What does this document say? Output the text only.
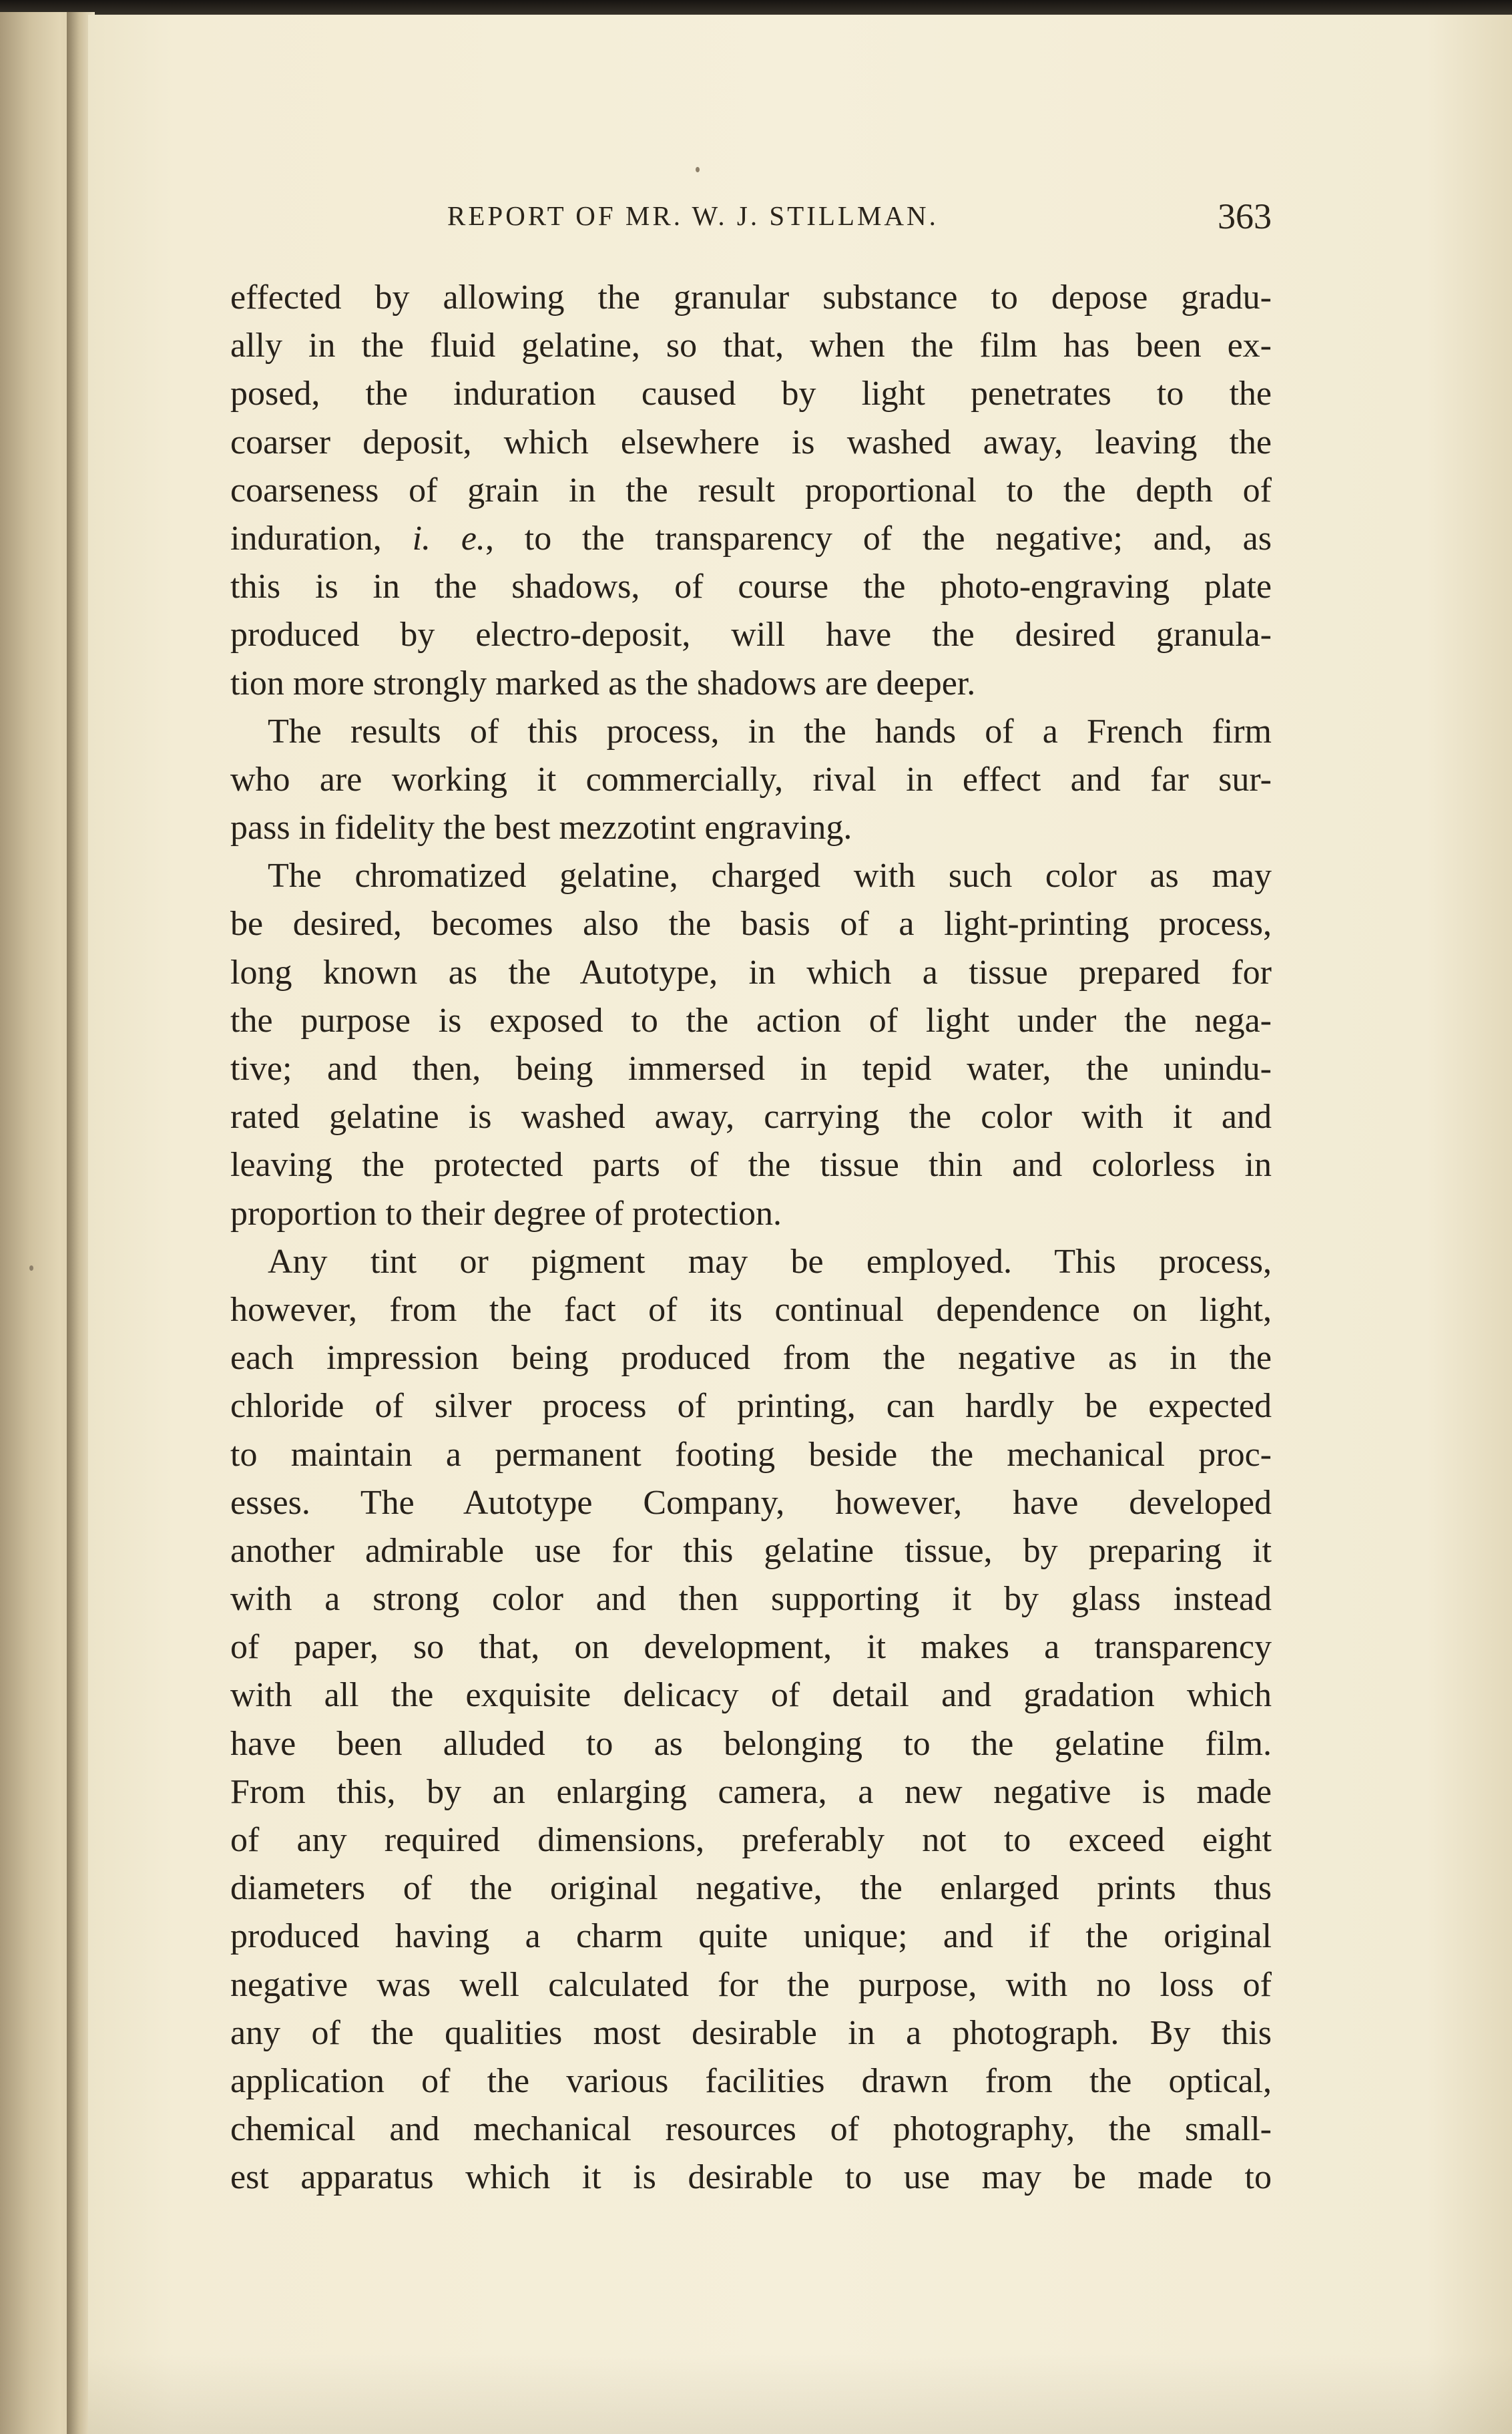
REPORT OF MR. W. J. STILLMAN.	363
effected by allowing the granular substance to depose gradu-
ally in the fluid gelatine, so that, when the film has been ex-
posed, the induration caused by light penetrates to the
coarser deposit, which elsewhere is washed away, leaving the
coarseness of grain in the result proportional to the depth of
induration, i. e., to the transparency of the negative; and, as
this is in the shadows, of course the photo-engraving plate
produced by electro-deposit, will have the desired granula-
tion more strongly marked as the shadows are deeper.
The results of this process, in the hands of a French firm
who are working it commercially, rival in effect and far sur-
pass in fidelity the best mezzotint engraving.
The chromatized gelatine, charged with such color as may
be desired, becomes also the basis of a light-printing process,
long known as the Autotype, in which a tissue prepared for
the purpose is exposed to the action of light under the nega-
tive; and then, being immersed in tepid water, the unindu-
rated gelatine is washed away, carrying the color with it and
leaving the protected parts of the tissue thin and colorless in
proportion to their degree of protection.
Any tint or pigment may be employed. This process,
however, from the fact of its continual dependence on light,
each impression being produced from the negative as in the
chloride of silver process of printing, can hardly be expected
to maintain a permanent footing beside the mechanical proc-
esses. The Autotype Company, however, have developed
another admirable use for this gelatine tissue, by preparing it
with a strong color and then supporting it by glass instead
of paper, so that, on development, it makes a transparency
with all the exquisite delicacy of detail and gradation which
have been alluded to as belonging to the gelatine film.
From this, by an enlarging camera, a new negative is made
of any required dimensions, preferably not to exceed eight
diameters of the original negative, the enlarged prints thus
produced having a charm quite unique; and if the original
negative was well calculated for the purpose, with no loss of
any of the qualities most desirable in a photograph. By this
application of the various facilities drawn from the optical,
chemical and mechanical resources of photography, the small-
est apparatus which it is desirable to use may be made to
